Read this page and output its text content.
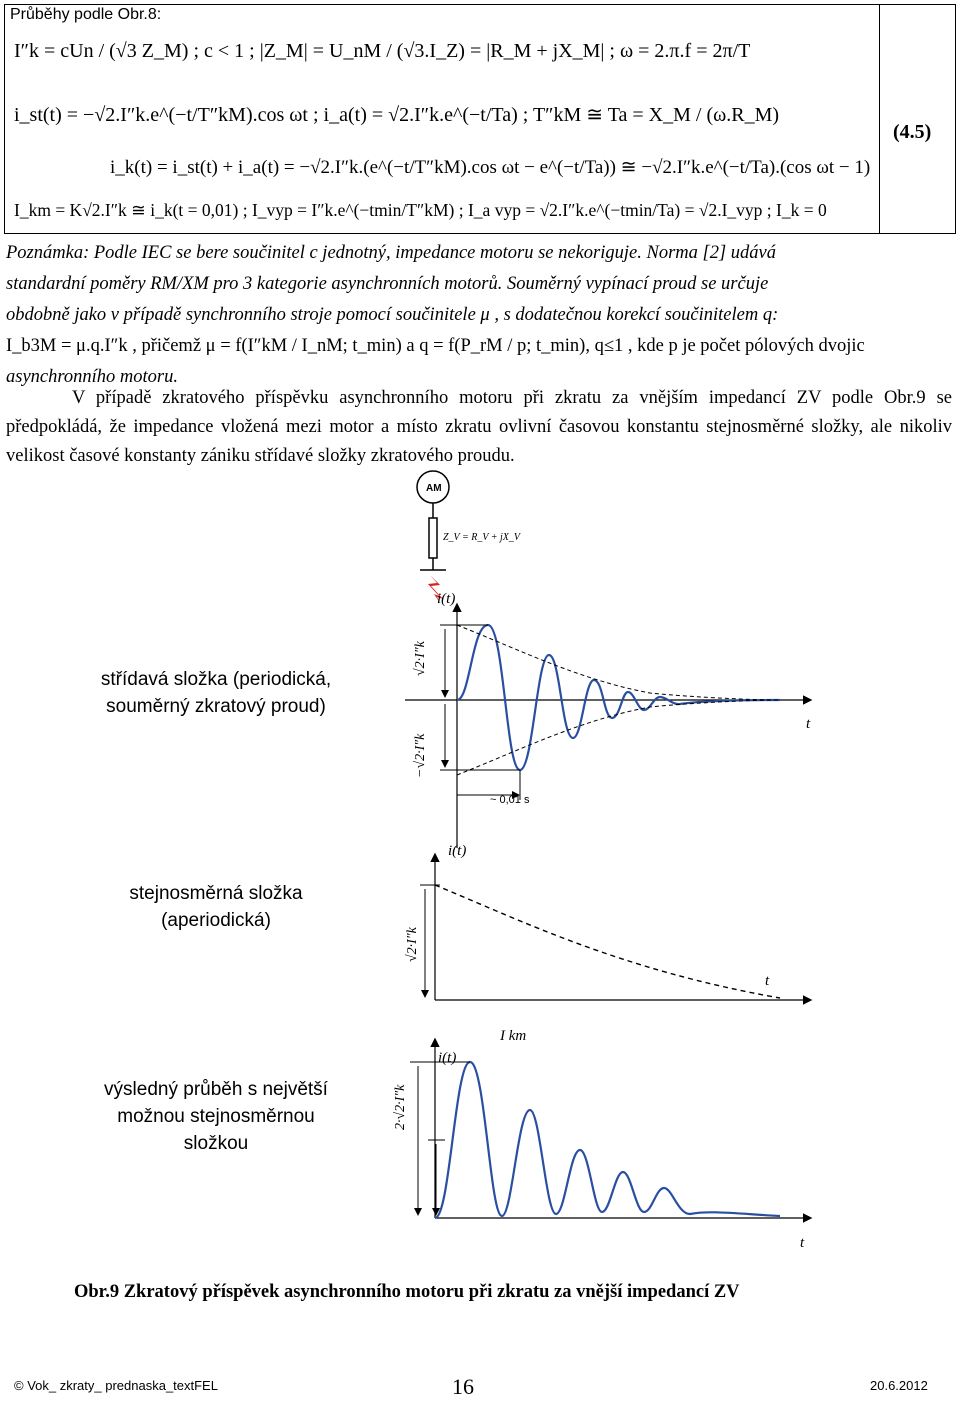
(4.5)
Průběhy podle Obr.8:
I″k = cUn / (√3 Z_M) ; c < 1 ; |Z_M| = U_nM / (√3.I_Z) = |R_M + jX_M| ; ω = 2.π.f = 2π/T
i_st(t) = −√2.I″k.e^(−t/T″kM).cos ωt ; i_a(t) = √2.I″k.e^(−t/Ta) ; T″kM ≅ Ta = X_M / (ω.R_M)
i_k(t) = i_st(t) + i_a(t) = −√2.I″k.(e^(−t/T″kM).cos ωt − e^(−t/Ta)) ≅ −√2.I″k.e^(−t/Ta).(cos ωt − 1)
I_km = K√2.I″k ≅ i_k(t = 0,01) ; I_vyp = I″k.e^(−tmin/T″kM) ; I_a vyp = √2.I″k.e^(−tmin/Ta) = √2.I_vyp ; I_k = 0

Poznámka: Podle IEC se bere součinitel c jednotný, impedance motoru se nekoriguje. Norma [2] udává

standardní poměry RM/XM pro 3 kategorie asynchronních motorů. Souměrný vypínací proud se určuje

obdobně jako v případě synchronního stroje pomocí součinitele μ , s dodatečnou korekcí součinitelem q:

I_b3M = μ.q.I″k , přičemž μ = f(I″kM / I_nM; t_min) a q = f(P_rM / p; t_min), q≤1 , kde p je počet pólových dvojic

asynchronního motoru.

V případě zkratového příspěvku asynchronního motoru při zkratu za vnějším impedancí ZV podle Obr.9 se předpokládá, že impedance vložená mezi motor a místo zkratu ovlivní časovou konstantu stejnosměrné složky, ale nikoliv velikost časové konstanty zániku střídavé složky zkratového proudu.
AM
Z_V = R_V + jX_V
i(t)
t
√2·I″k
−√2·I″k
~ 0,01 s
i(t)
t
√2·I″k
i(t)
I km
t
2·√2·I″k
střídavá složka (periodická,
souměrný zkratový proud)
stejnosměrná složka
(aperiodická)
výsledný průběh s největší
možnou stejnosměrnou
složkou
Obr.9 Zkratový příspěvek asynchronního motoru při zkratu za vnější impedancí ZV
© Vok_ zkraty_ prednaska_textFEL	16	20.6.2012
